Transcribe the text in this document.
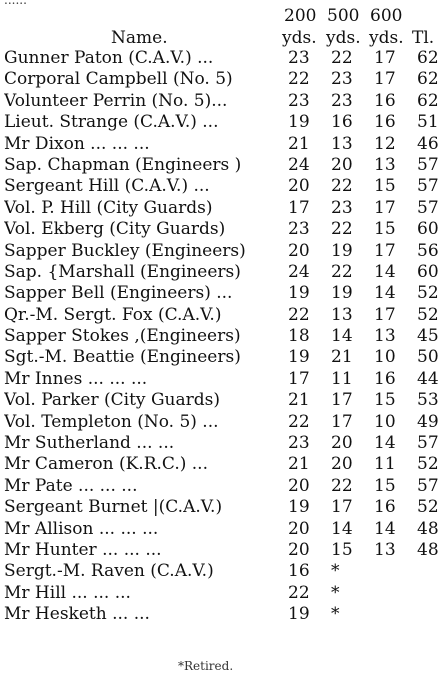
......
Name.
200 500 600
yds. yds. yds. Tl.
Gunner Paton (C.A.V.) ...	23 22 17 62
Corporal Campbell (No. 5)	22 23 17 62
Volunteer Perrin (No. 5)...	23 23 16 62
Lieut. Strange (C.A.V.) ...	19 16 16 51
Mr Dixon ... ... ...	21 13 12 46
Sap. Chapman (Engineers )	24 20 13 57
Sergeant Hill (C.A.V.) ...	20 22 15 57
Vol. P. Hill (City Guards)	17 23 17 57
Vol. Ekberg (City Guards)	23 22 15 60
Sapper Buckley (Engineers)	20 19 17 56
Sap. {Marshall (Engineers)	24 22 14 60
Sapper Bell (Engineers) ...	19 19 14 52
Qr.-M. Sergt. Fox (C.A.V.)	22 13 17 52
Sapper Stokes ,(Engineers)	18 14 13 45
Sgt.-M. Beattie (Engineers)	19 21 10 50
Mr Innes ... ... ...	17 11 16 44
Vol. Parker (City Guards)	21 17 15 53
Vol. Templeton (No. 5) ...	22 17 10 49
Mr Sutherland ... ...	23 20 14 57
Mr Cameron (K.R.C.) ...	21 20 11 52
Mr Pate ... ... ...	20 22 15 57
Sergeant Burnet |(C.A.V.)	19 17 16 52
Mr Allison ... ... ...	20 14 14 48
Mr Hunter ... ... ...	20 15 13 48
Sergt.-M. Raven (C.A.V.)	16 *
Mr Hill ... ... ...	22 *
Mr Hesketh ... ...	19 *
*Retired.
